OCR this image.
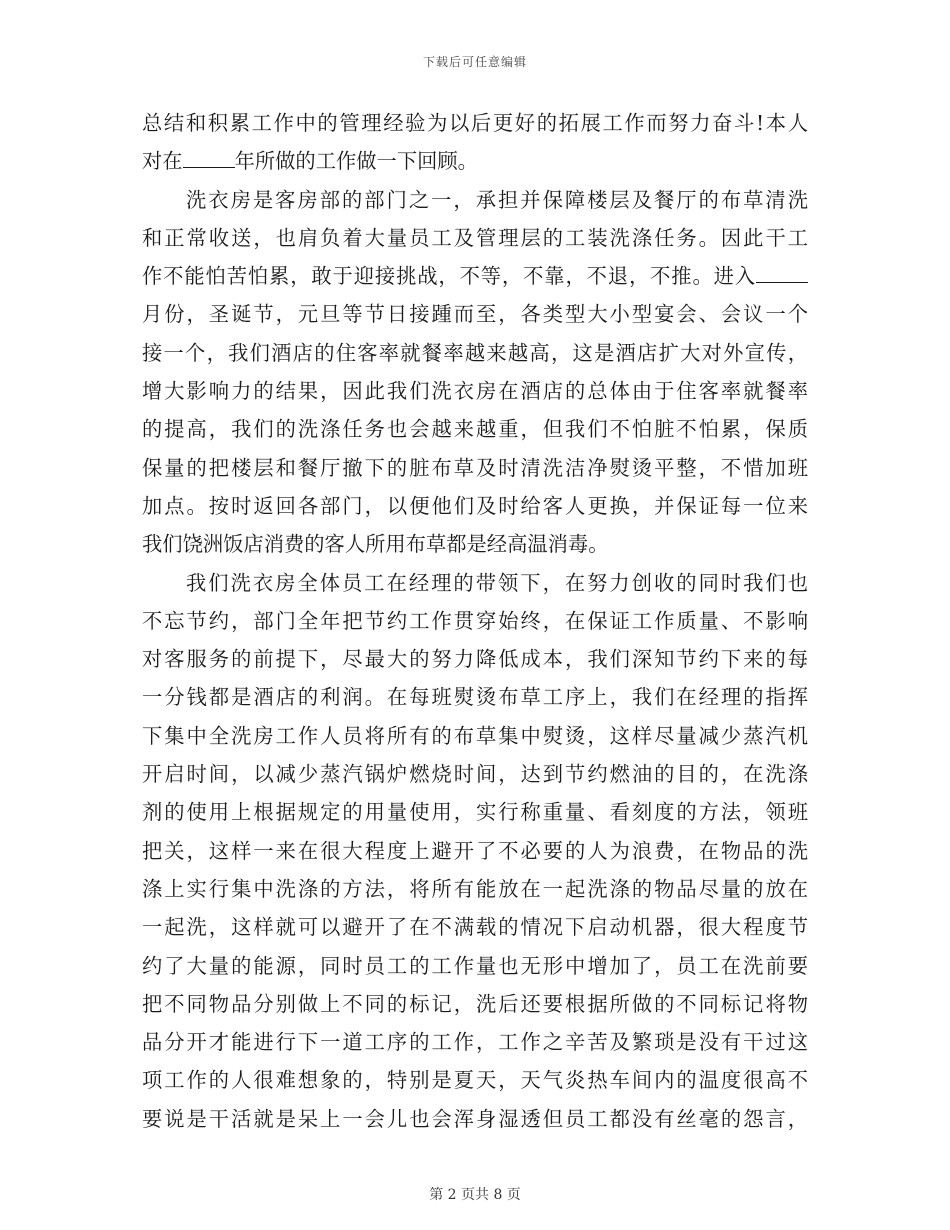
下载后可任意编辑
总结和积累工作中的管理经验为以后更好的拓展工作而努力奋斗!本人
对在	年所做的工作做一下回顾。
洗衣房是客房部的部门之一，承担并保障楼层及餐厅的布草清洗
和正常收送，也肩负着大量员工及管理层的工装洗涤任务。因此干工
作不能怕苦怕累，敢于迎接挑战，不等，不靠，不退，不推。进入
月份，圣诞节，元旦等节日接踵而至，各类型大小型宴会、会议一个
接一个，我们酒店的住客率就餐率越来越高，这是酒店扩大对外宣传，
增大影响力的结果，因此我们洗衣房在酒店的总体由于住客率就餐率
的提高，我们的洗涤任务也会越来越重，但我们不怕脏不怕累，保质
保量的把楼层和餐厅撤下的脏布草及时清洗洁净熨烫平整，不惜加班
加点。按时返回各部门，以便他们及时给客人更换，并保证每一位来
我们饶洲饭店消费的客人所用布草都是经高温消毒。
我们洗衣房全体员工在经理的带领下，在努力创收的同时我们也
不忘节约，部门全年把节约工作贯穿始终，在保证工作质量、不影响
对客服务的前提下，尽最大的努力降低成本，我们深知节约下来的每
一分钱都是酒店的利润。在每班熨烫布草工序上，我们在经理的指挥
下集中全洗房工作人员将所有的布草集中熨烫，这样尽量减少蒸汽机
开启时间，以减少蒸汽锅炉燃烧时间，达到节约燃油的目的，在洗涤
剂的使用上根据规定的用量使用，实行称重量、看刻度的方法，领班
把关，这样一来在很大程度上避开了不必要的人为浪费，在物品的洗
涤上实行集中洗涤的方法，将所有能放在一起洗涤的物品尽量的放在
一起洗，这样就可以避开了在不满载的情况下启动机器，很大程度节
约了大量的能源，同时员工的工作量也无形中增加了，员工在洗前要
把不同物品分别做上不同的标记，洗后还要根据所做的不同标记将物
品分开才能进行下一道工序的工作，工作之辛苦及繁琐是没有干过这
项工作的人很难想象的，特别是夏天，天气炎热车间内的温度很高不
要说是干活就是呆上一会儿也会浑身湿透但员工都没有丝毫的怨言，
第 2 页共 8 页
